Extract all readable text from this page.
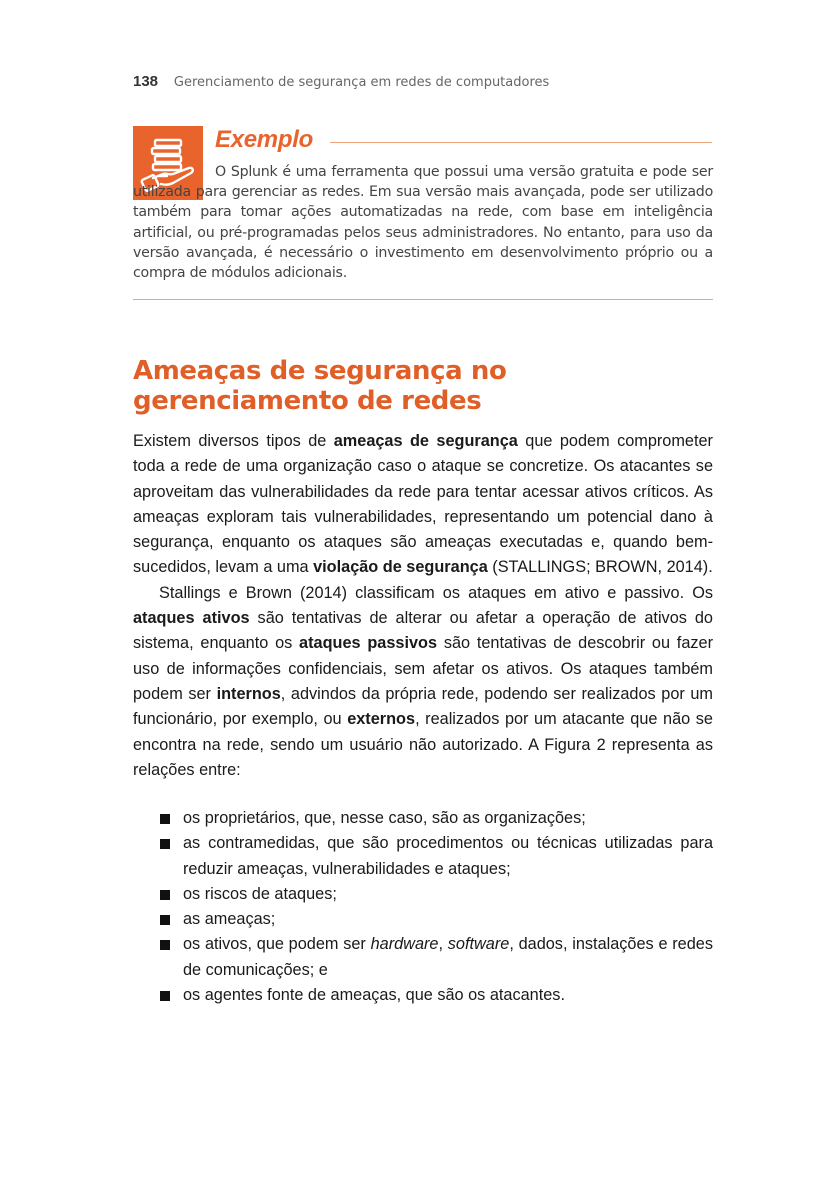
138 Gerenciamento de segurança em redes de computadores
Exemplo
O Splunk é uma ferramenta que possui uma versão gratuita e pode ser utilizada para gerenciar as redes. Em sua versão mais avançada, pode ser utilizado também para tomar ações automatizadas na rede, com base em inteligência artificial, ou pré-programadas pelos seus administradores. No entanto, para uso da versão avançada, é necessário o investimento em desenvolvimento próprio ou a compra de módulos adicionais.
Ameaças de segurança no gerenciamento de redes

Existem diversos tipos de ameaças de segurança que podem comprometer toda a rede de uma organização caso o ataque se concretize. Os atacantes se aproveitam das vulnerabilidades da rede para tentar acessar ativos críticos. As ameaças exploram tais vulnerabilidades, representando um potencial dano à segurança, enquanto os ataques são ameaças executadas e, quando bem-sucedidos, levam a uma violação de segurança (STALLINGS; BROWN, 2014).

Stallings e Brown (2014) classificam os ataques em ativo e passivo. Os ataques ativos são tentativas de alterar ou afetar a operação de ativos do sistema, enquanto os ataques passivos são tentativas de descobrir ou fazer uso de informações confidenciais, sem afetar os ativos. Os ataques também podem ser internos, advindos da própria rede, podendo ser realizados por um funcionário, por exemplo, ou externos, realizados por um atacante que não se encontra na rede, sendo um usuário não autorizado. A Figura 2 representa as relações entre:

os proprietários, que, nesse caso, são as organizações;
as contramedidas, que são procedimentos ou técnicas utilizadas para reduzir ameaças, vulnerabilidades e ataques;
os riscos de ataques;
as ameaças;
os ativos, que podem ser hardware, software, dados, instalações e redes de comunicações; e
os agentes fonte de ameaças, que são os atacantes.
